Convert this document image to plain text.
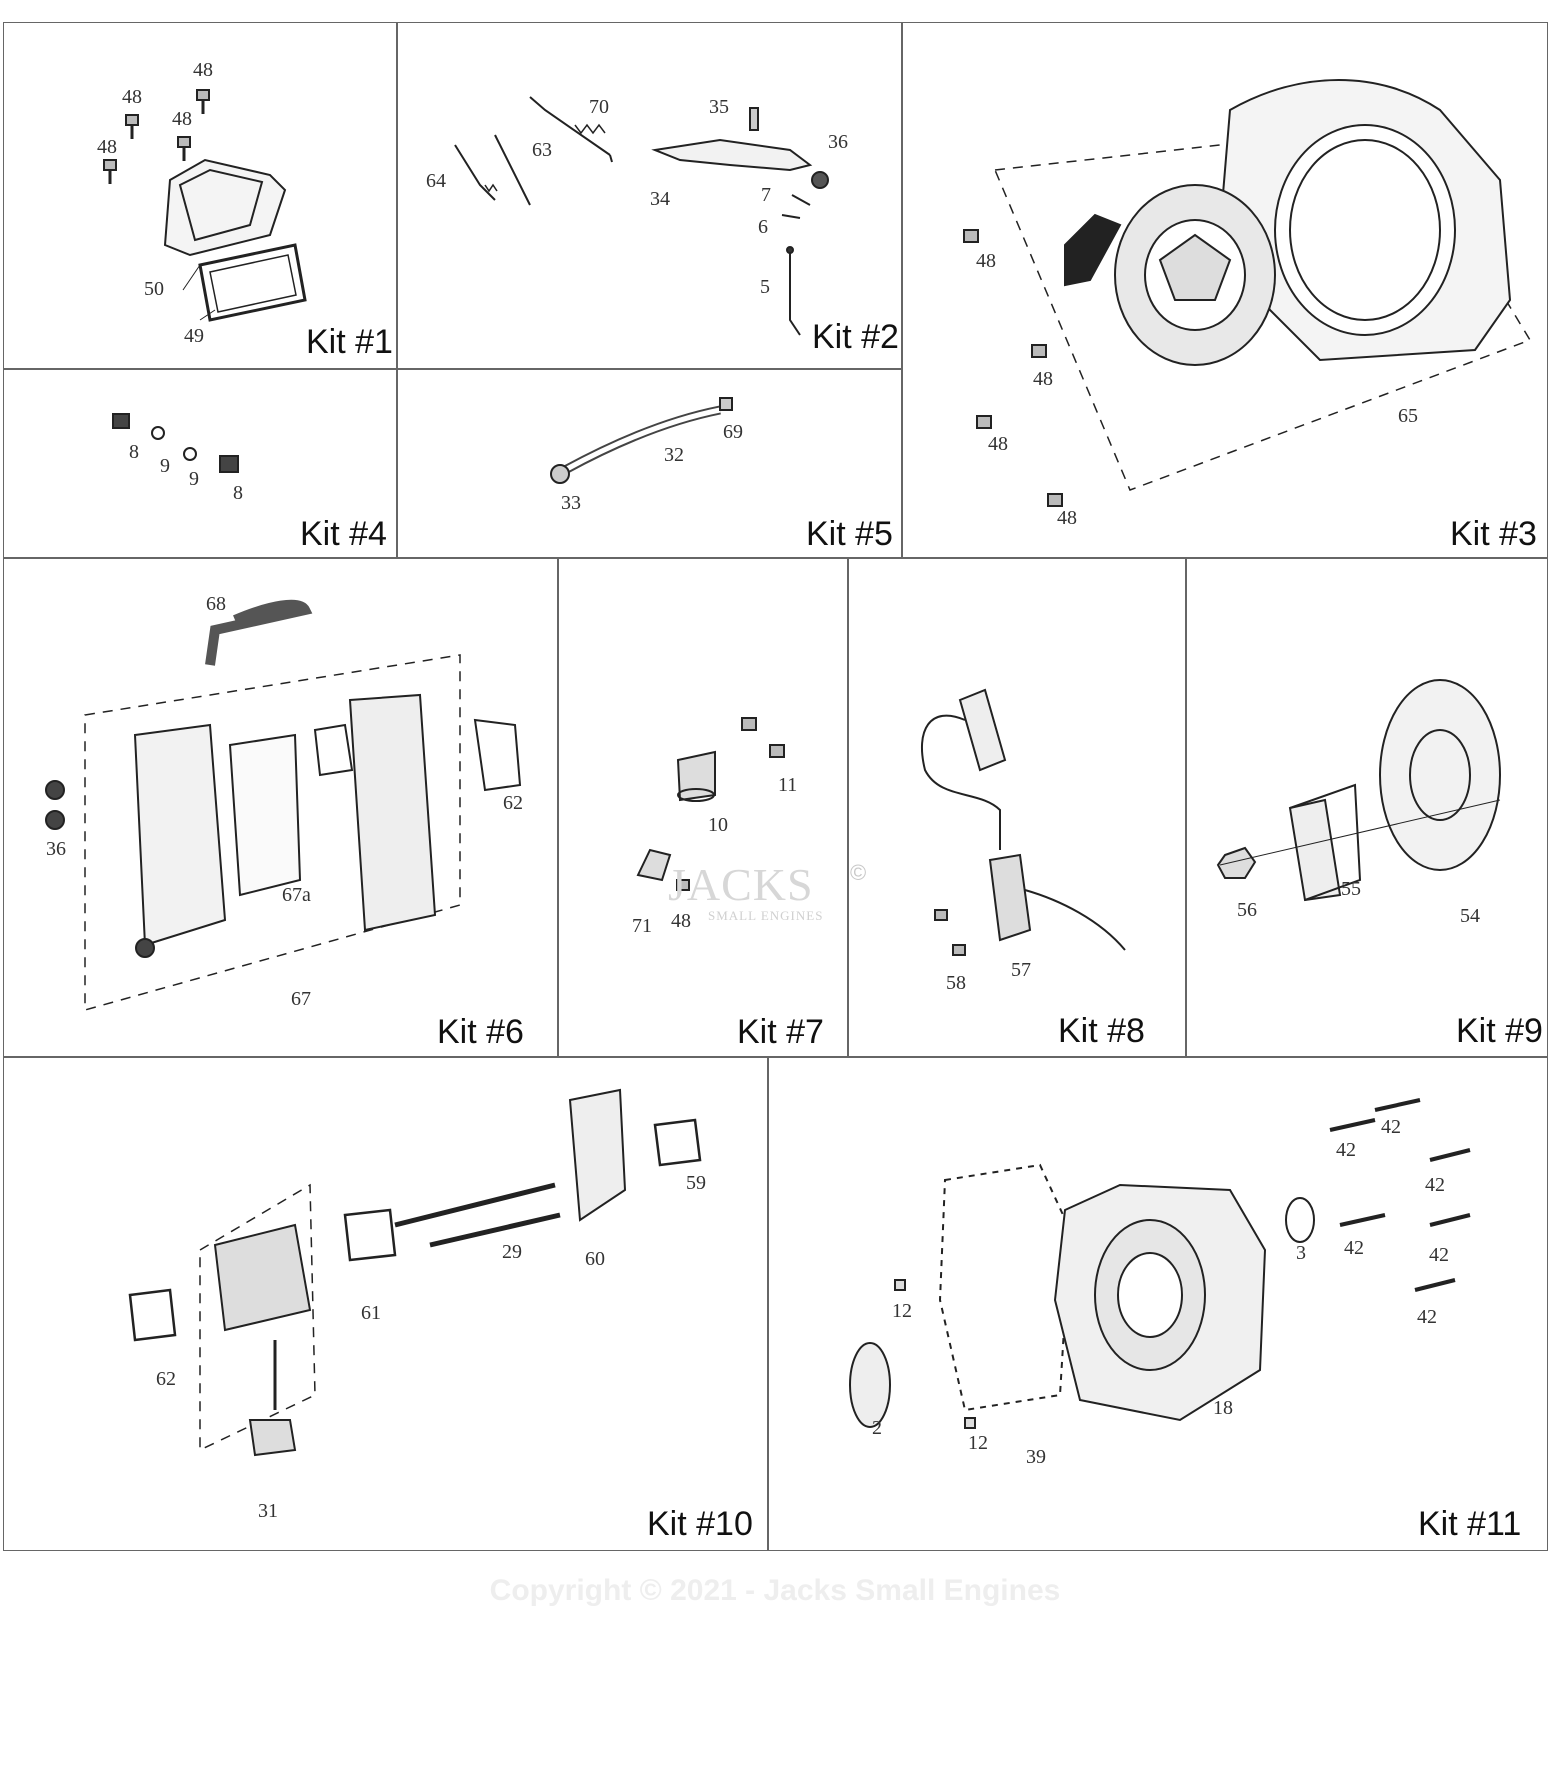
Kit #1	Kit #2
Kit #3
Kit #4	Kit #5
Kit #6	Kit #7	Kit #8	Kit #9
Kit #10	Kit #11
48
48
48
48
50
49
70
63
64
35
36
34	7
6
5
48
48
48
48
65
8
9
9
8
69
32
33
68
62
36
67a
67
11
10
71 48
58
57
56
55
54
59
29	60
61
62
31
42
42
42
42	42
42
3
12
12
2
39
18
JACKS ©
SMALL ENGINES
Copyright © 2021 - Jacks Small Engines
